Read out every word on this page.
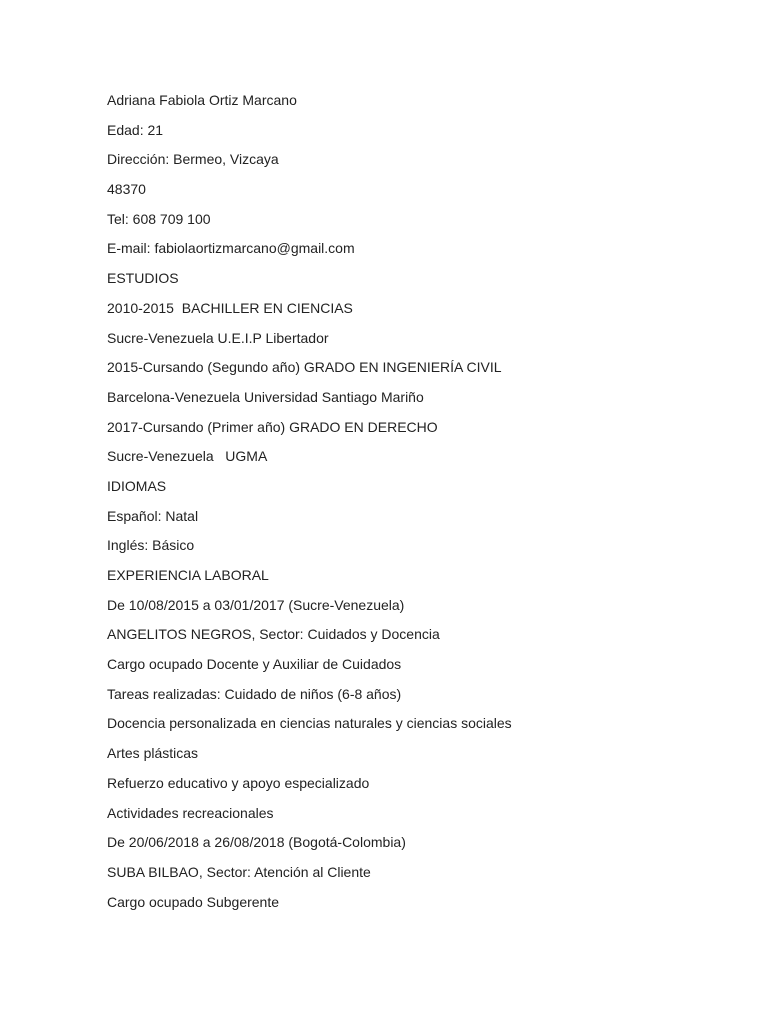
Adriana Fabiola Ortiz Marcano
Edad: 21
Dirección: Bermeo, Vizcaya
48370
Tel: 608 709 100
E-mail: fabiolaortizmarcano@gmail.com
ESTUDIOS
2010-2015  BACHILLER EN CIENCIAS
Sucre-Venezuela U.E.I.P Libertador
2015-Cursando (Segundo año) GRADO EN INGENIERÍA CIVIL
Barcelona-Venezuela Universidad Santiago Mariño
2017-Cursando (Primer año) GRADO EN DERECHO
Sucre-Venezuela   UGMA
IDIOMAS
Español: Natal
Inglés: Básico
EXPERIENCIA LABORAL
De 10/08/2015 a 03/01/2017 (Sucre-Venezuela)
ANGELITOS NEGROS, Sector: Cuidados y Docencia
Cargo ocupado Docente y Auxiliar de Cuidados
Tareas realizadas: Cuidado de niños (6-8 años)
Docencia personalizada en ciencias naturales y ciencias sociales
Artes plásticas
Refuerzo educativo y apoyo especializado
Actividades recreacionales
De 20/06/2018 a 26/08/2018 (Bogotá-Colombia)
SUBA BILBAO, Sector: Atención al Cliente
Cargo ocupado Subgerente
